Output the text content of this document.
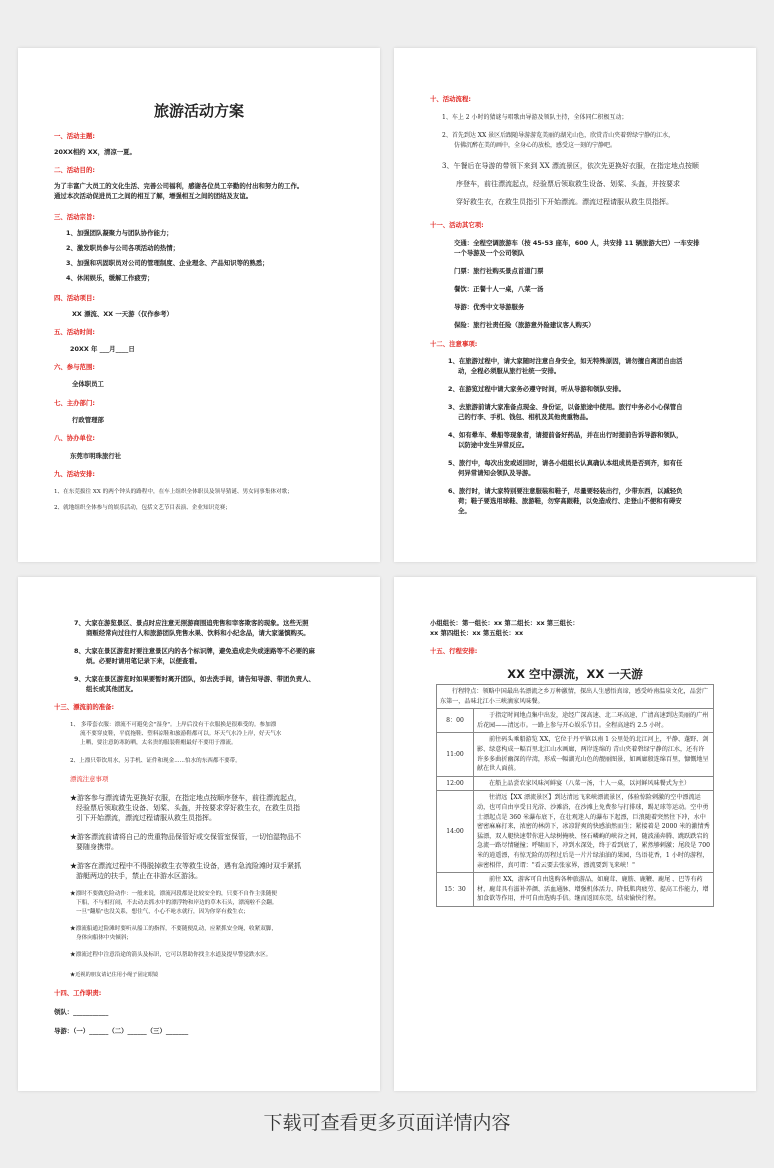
旅游活动方案
一、活动主题:
20XX相约 XX，清凉一夏。
二、活动目的:
为了丰富广大员工的文化生活、完善公司福利，感谢各位员工辛勤的付出和努力的工作。
通过本次活动促进员工之间的相互了解，增强相互之间的团结及友谊。
三、活动宗旨:
1、加强团队凝聚力与团队协作能力；
2、激发职员参与公司各项活动的热情；
3、加强和巩固职员对公司的管理制度、企业理念、产品知识等的熟悉；
4、休闲娱乐，缓解工作疲劳；
四、活动项目:
XX 漂流、XX 一天游（仅作参考）
五、活动时间:
20XX 年 ___月____日
六、参与范围:
全体职员工
七、主办部门:
行政管理部
八、协办单位:
东莞市明珠旅行社
九、活动安排:
1、在东莞拔往 XX 的两个钟头的路程中，在车上组织全体职员及领导猜谜、男女同事集体对歌；
2、就地组织全体参与的娱乐活动，包括文艺节目表演、企业知识竞赛；
十、活动流程:
1、车上 2 小时的猜谜与唱歌由导游及领队主持，全体同仁积极互动；
2、首先到达 XX 景区后跟随导游游览美丽的湖光山色，欣赏青山夹着碧绿宁静的江水，
仿佛沉醉在美的画中，全身心的放松，感受这一刻的宁静吧。
3、午餐后在导游的带领下来到 XX 漂流景区，依次先更换好衣服，在指定地点按顺
序登车，前往漂流起点，经验票后领取救生设备、划桨、头盔，并按要求
穿好救生衣，在救生员指引下开始漂流。漂流过程请服从救生员指挥。
十一、活动其它项:
交通：全程空调旅游车（按 45-53 座车，600 人，共安排 11 辆旅游大巴）一车安排
一个导游及一个公司领队
门票：旅行社购买景点首道门票
餐饮：正餐十人一桌，八菜一汤
导游：优秀中文导游服务
保险：旅行社责任险（旅游意外险建议客人购买）
十二、注意事项:
1、在旅游过程中，请大家随时注意自身安全，如无特殊原因，请勿擅自离团自由活
动，全程必须服从旅行社统一安排。
2、在游览过程中请大家务必遵守时间，听从导游和领队安排。
3、去旅游前请大家准备点现金、身份证，以备旅途中使用。旅行中务必小心保管自
己的行李、手机、钱包、相机及其他贵重物品。
4、如有晕车、晕船等现象者，请提前备好药品，并在出行时提前告诉导游和领队，
以防途中发生异常反应。
5、旅行中，每次出发或返回时，请各小组组长认真确认本组成员是否到齐，如有任
何异常请知会领队及导游。
6、旅行时，请大家特别要注意服装和鞋子，尽量要轻装出行，少带东西，以减轻负
荷；鞋子要选用球鞋、旅游鞋，勿穿高跟鞋，以免造成行、走登山不便和有碍安
全。
7、大家在游览景区、景点时应注意无照游商围追兜售和宰客欺客的现象。这些无照
商贩经常向过往行人和旅游团队兜售水果、饮料和小纪念品，请大家谨慎购买。
8、大家在景区游览时要注意景区内的各个标识牌，避免造成走失或迷路等不必要的麻
烦。必要时请用笔记录下来，以便查看。
9、大家在景区游览时如果要暂时离开团队，如去洗手间，请告知导游、带团负责人、
组长或其他团友。
十三、漂流前的准备:
1、 多带套衣服：漂流不可避免会"湿身"。上岸后没有干衣服换是很难受的。参加漂
流不要穿皮鞋，平底拖鞋、塑料凉鞋和旅游鞋都可以。坏天气水冷上岸，好天气水
上晒，要注意防寒防晒，太名贵的服装鞋帽最好不要用于漂流。
2、上漂只带饮用水，另手机、证件和现金......怕水的东西都不要带。
漂流注意事项
★游客参与漂流请先更换好衣服，在指定地点按顺序登车，前往漂流起点，
经验票后领取救生设备、划桨、头盔，并按要求穿好救生衣，在救生员指
引下开始漂流，漂流过程请服从救生员指挥。
★游客漂流前请将自己的贵重物品保管好或交保管室保管，一切怕湿物品不
要随身携带。
★游客在漂流过程中不得脱掉救生衣等救生设备，遇有急流险滩时双手紧抓
游艇两边的扶手，禁止在非游水区游泳。
★漂时不要做危险动作：一般来说，漂流河段都是比较安全的，只要不自作主张随便
下船，不与相打闹，不去动去抓水中的漂浮物和岸边的草木石头，漂流啦不会翻。
一旦"翻船"也没关系，想住气，小心不呛水就行，因为你穿有救生衣；
★漂流船通过险滩时要听从船工的指挥，不要随便乱动，应紧抓安全绳，收紧双脚，
身体向船体中央倾斜；
★漂流过程中注意沿途的箭头及标识，它可以帮助你找主水道及提早警觉跌水区。
★近视的朋友请记住用小绳子固定眼镜
十四、工作职责:
领队：___________
导游：（一）______（二）______（三）_______
小组组长：第一组长：xx 第二组长：xx 第三组长：
xx 第四组长：xx 第五组长：xx
十五、行程安排:
XX 空中漂流，XX 一天游
行程特点：领略中国最出名漂流之乡万种激情，探出人生感悟真谛，感受岭南温泉文化，品尝广东第一，品味北江小三峡滴家风味餐。	
8：00	于指定时间地点集中出发，途经广深高速、北二环高速、广清高速到达美丽的广州后花园——清远市。一路上参与开心娱乐节目。全程高速约 2.5 小时。
11:00	前往码头乘船游览 XX，它位于丹平镇以南 1 公里处的北江河上，平静、蓬野、剑影、绿意构成一幅百里北江山水画廊，两岸连绵的 青山夹着碧绿宁静的江水，还有许许多多曲折幽深的岸湾，形成一幅湖光山色的靓丽图景，如画廊般连绵百里，慷慨地呈献在世人面前。
12:00	在船上品尝农家风味河鲜宴（八菜一汤，十人一桌，以河鲜风味餐式为主）
14:00	往清远【XX 漂流景区】到达清远飞来峡漂流景区，体验惊险刺激的空中漂流运动，也可自由享受日光浴、沙滩浴，在沙滩上免费参与打排球，踢足球等运动。空中勇士漂起点是 360 米瀑布底下，在壮观迷人的瀑布下起漂，巨浪随着突然往下冲，水中密密麻麻打来，浓密的林荫下，冰凉舒爽的快感油然而生；紧接着是 2000 米的激情秀猛漂，双人艇快速带你进入绿树掩映、怪石嶙峋的峡谷之间，随波涌奔腾、跳跃跌宕的急流一路尽情碰撞；呼啸而下，冲到水深处，终于看到底了，累然够刺激；尾段是 700 米的逍遥漂，有惊无险的历程过后是一片片绿油油的果园，鸟语花香，1 小时的游程，亲密相伴，真可谓："看云要去张家界，漂流要到飞来峡！"
15：30	前往 XX，游客可自由选购各种旅游品，如鹿茸、鹿筋、鹿鞭、鹿尾 、巴等有药材，鹿茸具有滋补养颜、活血通脉、增强机体活力、降低肌肉疲劳、提高工作能力，增加食欲等作用，并可自由选购手信。继而返回东莞，结束愉快行程。
下载可查看更多页面详情内容
